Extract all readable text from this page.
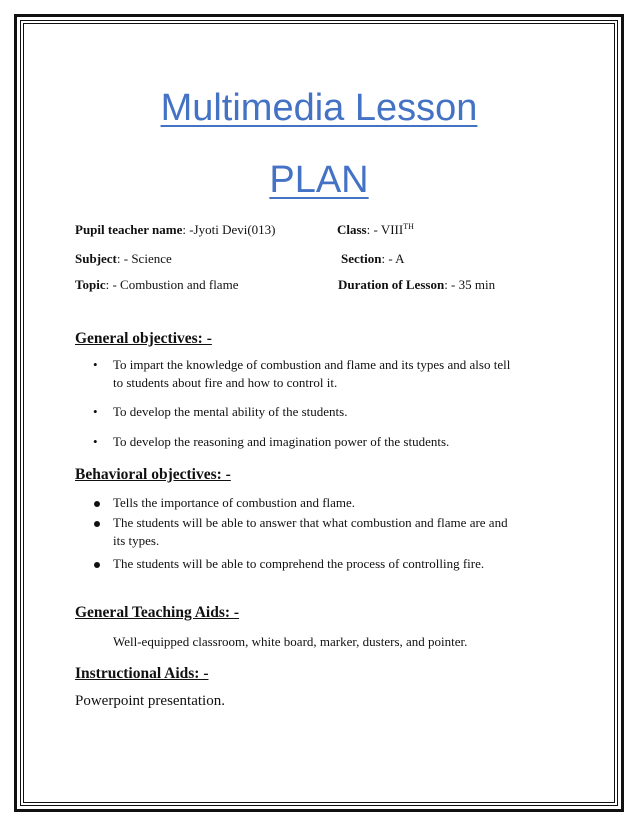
Multimedia Lesson
PLAN
Pupil teacher name: -Jyoti Devi(013)	Class: - VIIITH
Subject: - Science	Section: - A
Topic: - Combustion and flame	Duration of Lesson: - 35 min
General objectives: -
• To impart the knowledge of combustion and flame and its types and also tell
to students about fire and how to control it.
• To develop the mental ability of the students.
• To develop the reasoning and imagination power of the students.
Behavioral objectives: -
Tells the importance of combustion and flame.
The students will be able to answer that what combustion and flame are and
its types.
The students will be able to comprehend the process of controlling fire.
General Teaching Aids: -
Well-equipped classroom, white board, marker, dusters, and pointer.
Instructional Aids: -
Powerpoint presentation.
